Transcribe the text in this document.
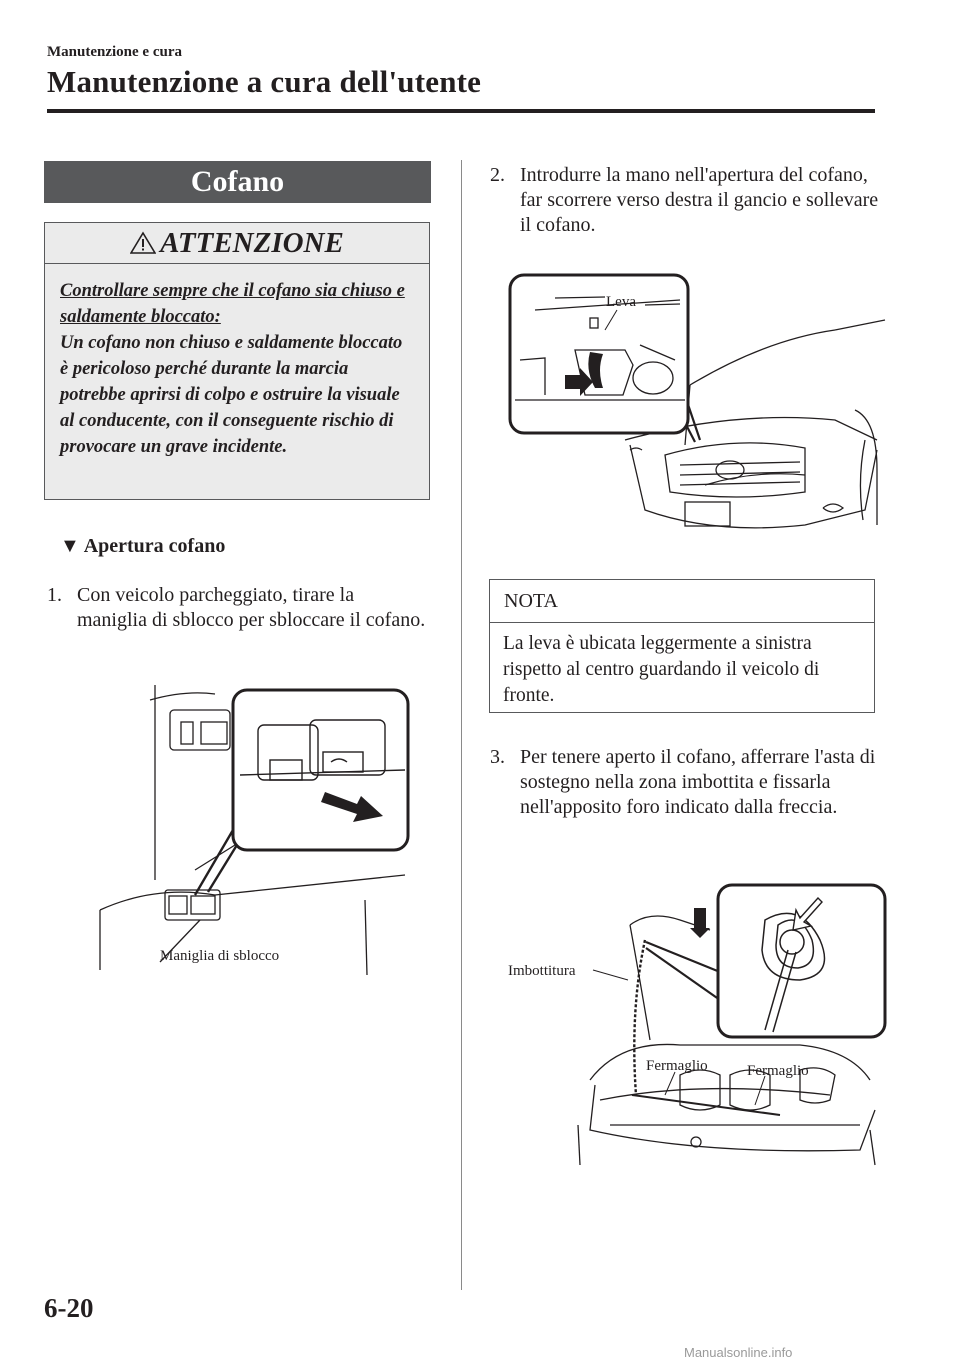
Manutenzione e cura
Manutenzione a cura dell'utente
Cofano
ATTENZIONE
Controllare sempre che il cofano sia chiuso e saldamente bloccato:

Un cofano non chiuso e saldamente bloccato è pericoloso perché durante la marcia potrebbe aprirsi di colpo e ostruire la visuale al conducente, con il conseguente rischio di provocare un grave incidente.

▼ Apertura cofano
1. Con veicolo parcheggiato, tirare la maniglia di sblocco per sbloccare il cofano.
Maniglia di sblocco
2. Introdurre la mano nell'apertura del cofano, far scorrere verso destra il gancio e sollevare il cofano.
Leva
NOTA
La leva è ubicata leggermente a sinistra rispetto al centro guardando il veicolo di fronte.
3. Per tenere aperto il cofano, afferrare l'asta di sostegno nella zona imbottita e fissarla nell'apposito foro indicato dalla freccia.
Imbottitura
Fermaglio	Fermaglio
6-20
Manualsonline.info
